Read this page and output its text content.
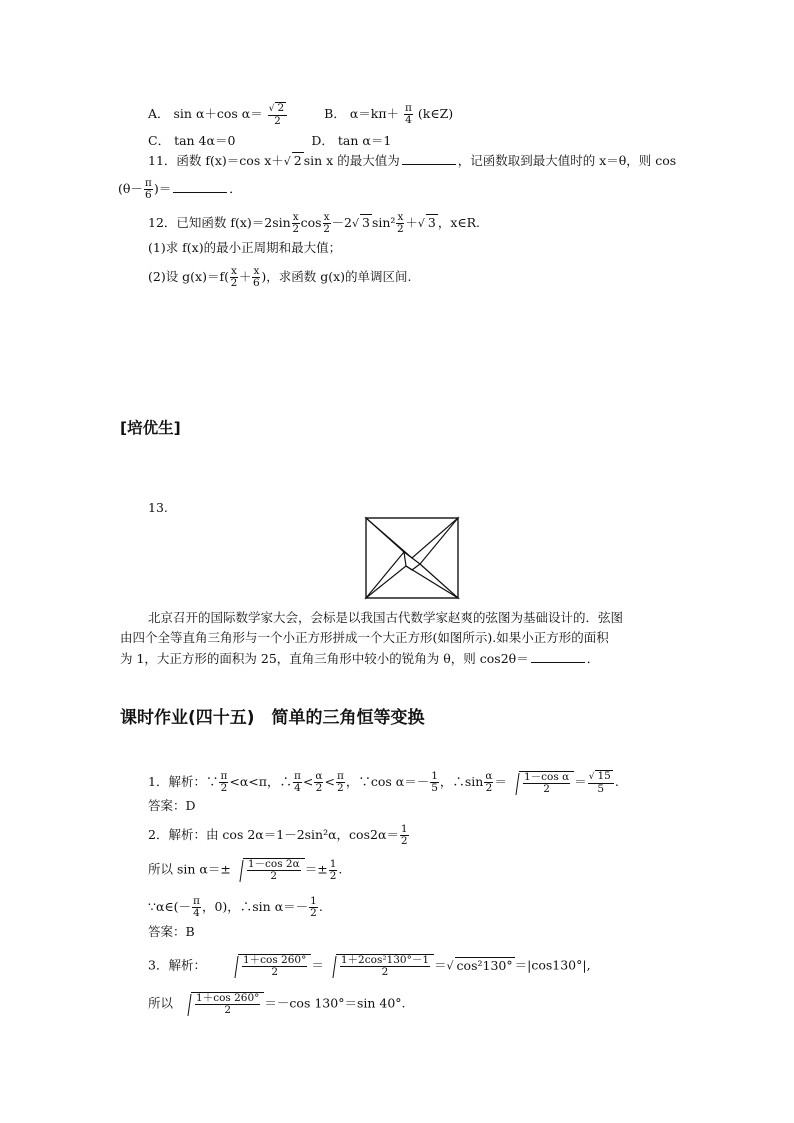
A． sin α＋cos $\alpha= \frac{√ 2}{2}$	B． $\alpha=k\pi+ \frac{\pi}{4}$ (k∈Z)
C． tan 4α＝0	D． tan α＝1
11．函数 f(x)＝cos x＋√ 2 sin x 的最大值为	，记函数取到最大值时的 x＝θ，则 cos
($\theta- \frac{\pi}{6}$ )＝	．
12．已知函数 $f(x)=2\sin \frac{x}{2}$ $\cos \frac{x}{2} -2√$ 3 $\sin^2 \frac{x}{2}$ ＋√ 3 ，x∈R.
(1)求 f(x)的最小正周期和最大值；
(2)设 $g(x)=f( \frac{x}{2} + \frac{x}{6}$ )，求函数 g(x)的单调区间.
[培优生]
13.
北京召开的国际数学家大会，会标是以我国古代数学家赵爽的弦图为基础设计的．弦图
由四个全等直角三角形与一个小正方形拼成一个大正方形(如图所示).如果小正方形的面积
为 1，大正方形的面积为 25，直角三角形中较小的锐角为 θ，则 cos2θ＝	．
课时作业(四十五)　简单的三角恒等变换
1．解析：∵ $\frac{\pi}{2} <\alpha<\pi$，∴ $\frac{\pi}{4} < \frac{\alpha}{2} < \frac{\pi}{2}$ ，∵cos $\alpha=- \frac{1}{5}$ ，∴sin $\frac{\alpha}{2} = \frac{\text{1－cos α}}{2} = \frac{√ 15}{5}$ .
答案：D
2．解析：由 cos 2α＝1－2sin²α，$\cos 2\alpha= \frac{1}{2}$
所以 $\sin \alpha=\pm \frac{1-\cos 2\alpha}{2} =\pm \frac{1}{2}$ .
∵α∈(－ $\frac{\pi}{4}$ ，0)，∴sin $\alpha=- \frac{1}{2}$ .
答案：B
3．解析：	$\frac{1+\cos 260^\circ}{2} = \frac{\text{1＋2cos²130°－1}}{2}$ ＝√ cos²130° ＝|cos130°|,
所以 $\frac{1+\cos 260^\circ}{2} =-\cos$ 130°＝sin 40°.
